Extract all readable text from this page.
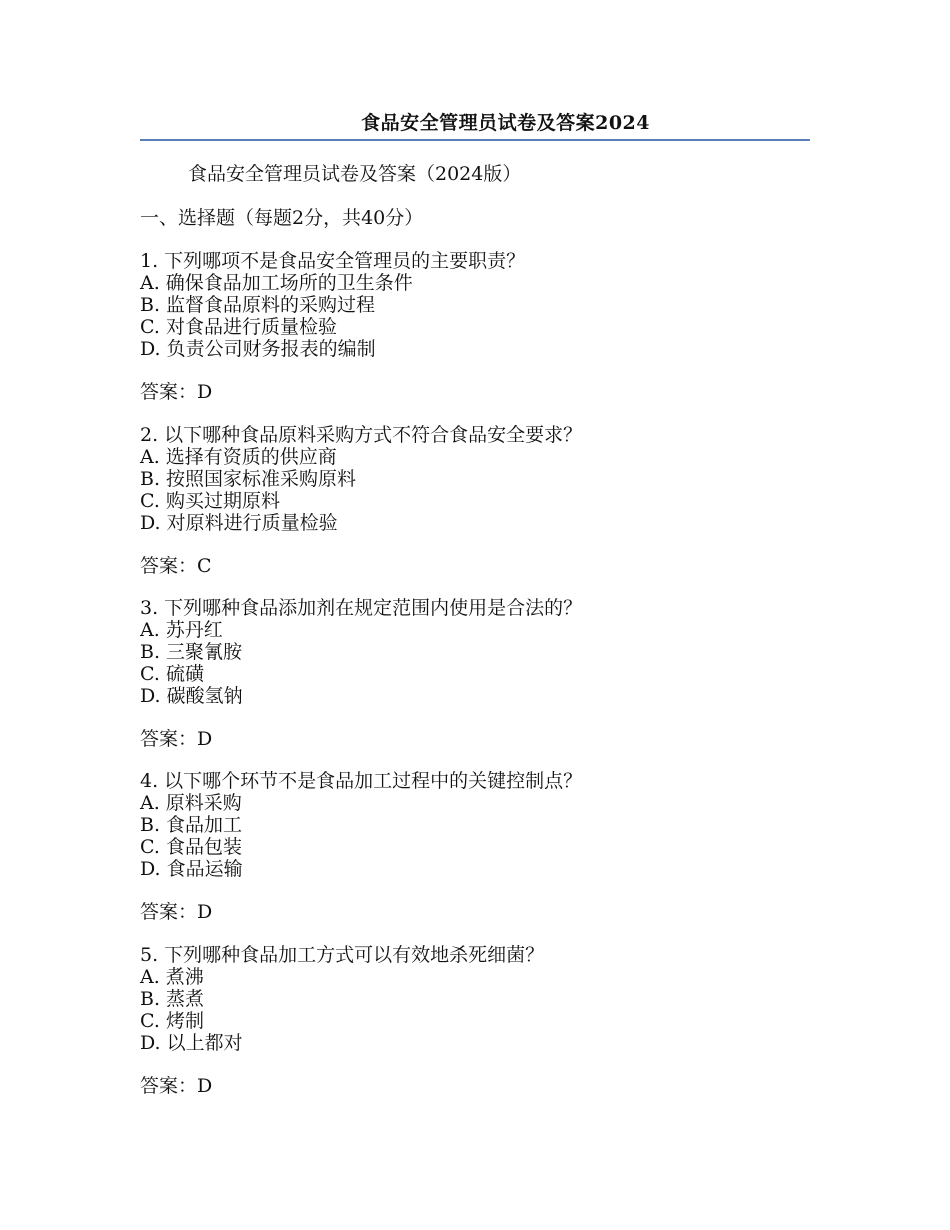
食品安全管理员试卷及答案2024
食品安全管理员试卷及答案（2024版）
一、选择题（每题2分，共40分）
1. 下列哪项不是食品安全管理员的主要职责？
A. 确保食品加工场所的卫生条件
B. 监督食品原料的采购过程
C. 对食品进行质量检验
D. 负责公司财务报表的编制
答案：D
2. 以下哪种食品原料采购方式不符合食品安全要求？
A. 选择有资质的供应商
B. 按照国家标准采购原料
C. 购买过期原料
D. 对原料进行质量检验
答案：C
3. 下列哪种食品添加剂在规定范围内使用是合法的？
A. 苏丹红
B. 三聚氰胺
C. 硫磺
D. 碳酸氢钠
答案：D
4. 以下哪个环节不是食品加工过程中的关键控制点？
A. 原料采购
B. 食品加工
C. 食品包装
D. 食品运输
答案：D
5. 下列哪种食品加工方式可以有效地杀死细菌？
A. 煮沸
B. 蒸煮
C. 烤制
D. 以上都对
答案：D
